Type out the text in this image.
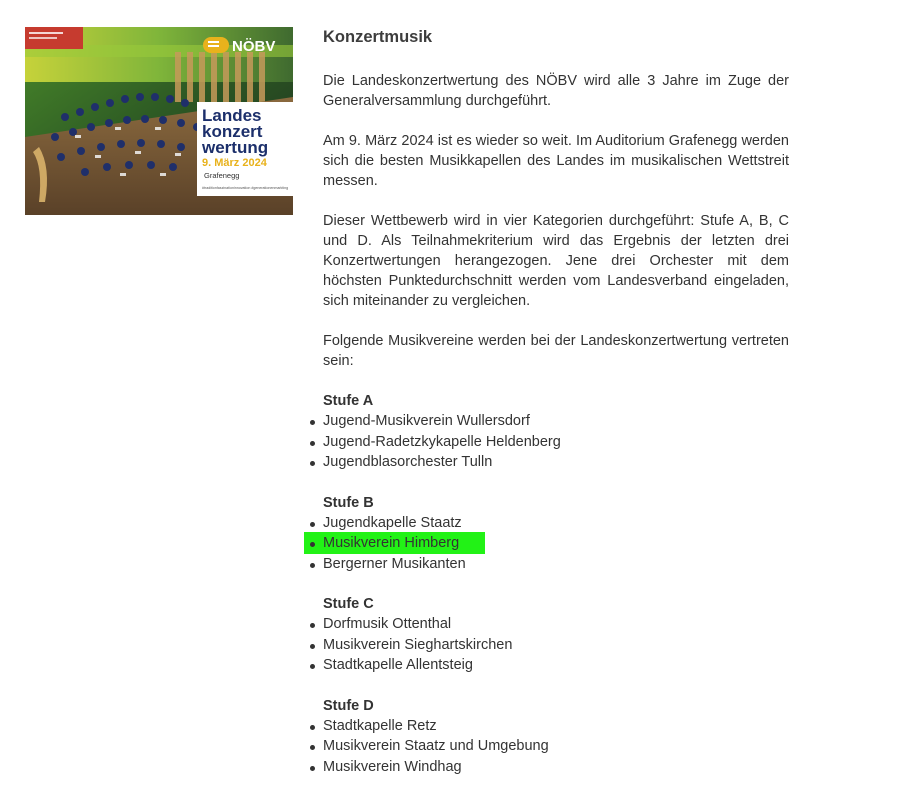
NÖBV
Landes
konzert
wertung
9. März 2024
Grafenegg
#traditionfaszinationinnovation #generationenmarkting
Konzertmusik

Die Landeskonzertwertung des NÖBV wird alle 3 Jahre im Zuge der Generalversammlung durchgeführt.

Am 9. März 2024 ist es wieder so weit. Im Auditorium Grafenegg werden sich die besten Musikkapellen des Landes im musikalischen Wettstreit messen.

Dieser Wettbewerb wird in vier Kategorien durchgeführt: Stufe A, B, C und D. Als Teilnahmekriterium wird das Ergebnis der letzten drei Konzertwertungen herangezogen. Jene drei Orchester mit dem höchsten Punktedurchschnitt werden vom Landesverband eingeladen, sich miteinander zu vergleichen.

Folgende Musikvereine werden bei der Landeskonzertwertung vertreten sein:

Stufe A
Jugend-Musikverein Wullersdorf
Jugend-Radetzkykapelle Heldenberg
Jugendblasorchester Tulln
Stufe B
Jugendkapelle Staatz
Musikverein Himberg
Bergerner Musikanten
Stufe C
Dorfmusik Ottenthal
Musikverein Sieghartskirchen
Stadtkapelle Allentsteig
Stufe D
Stadtkapelle Retz
Musikverein Staatz und Umgebung
Musikverein Windhag
